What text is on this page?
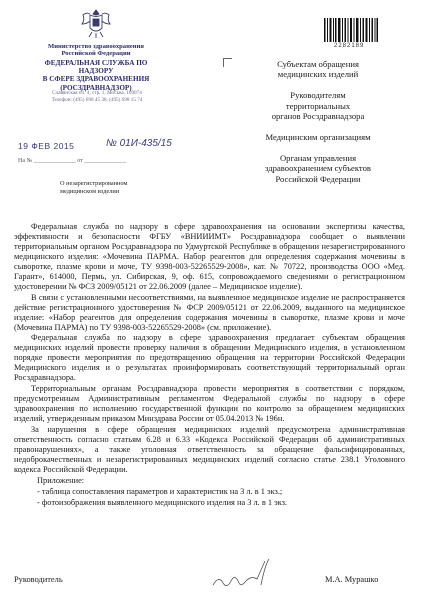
Министерство здравоохранения
Российской Федерации
ФЕДЕРАЛЬНАЯ СЛУЖБА ПО НАДЗОРУ
В СФЕРЕ ЗДРАВООХРАНЕНИЯ
(РОСЗДРАВНАДЗОР)
Славянская пл. 4, стр. 1, Москва, 109074
Телефон: (495) 698 45 38, (495) 698 15 74
19 ФЕВ 2015	№ 01И-435/15
На № ______________ от ______________
О незарегистрированном
медицинском изделии
2282189
Субъектам обращения
медицинских изделий
Руководителям
территориальных
органов Росздравнадзора
Медицинским организациям
Органам управления
здравоохранением субъектов
Российской Федерации

Федеральная служба по надзору в сфере здравоохранения на основании экспертизы качества, эффективности и безопасности ФГБУ «ВНИИИМТ» Росздравнадзора сообщает о выявлении территориальным органом Росздравнадзора по Удмуртской Республике в обращении незарегистрированного медицинского изделия: «Мочевина ПАРМА. Набор реагентов для определения содержания мочевины в сыворотке, плазме крови и моче, ТУ 9398-003-52265529-2008», кат. № 70722, производства ООО «Мед. Гарант», 614000, Пермь, ул. Сибирская, 9, оф. 615, сопровождаемого сведениями о регистрационном удостоверении № ФСЗ 2009/05121 от 22.06.2009 (далее – Медицинское изделие).

В связи с установленными несоответствиями, на выявленное медицинское изделие не распространяется действие регистрационного удостоверения № ФСР 2009/05121 от 22.06.2009, выданного на медицинское изделие: «Набор реагентов для определения содержания мочевины в сыворотке, плазме крови и моче (Мочевина ПАРМА) по ТУ 9398-003-52265529-2008» (см. приложение).

Федеральная служба по надзору в сфере здравоохранения предлагает субъектам обращения медицинских изделий провести проверку наличия в обращении Медицинского изделия, в установленном порядке провести мероприятия по предотвращению обращения на территории Российской Федерации Медицинского изделия и о результатах проинформировать соответствующий территориальный орган Росздравнадзора.

Территориальным органам Росздравнадзора провести мероприятия в соответствии с порядком, предусмотренным Административным регламентом Федеральной службы по надзору в сфере здравоохранения по исполнению государственной функции по контролю за обращением медицинских изделий, утвержденным приказом Минздрава России от 05.04.2013 № 196н.

За нарушения в сфере обращения медицинских изделий предусмотрена административная ответственность согласно статьям 6.28 и 6.33 «Кодекса Российской Федерации об административных правонарушениях», а также уголовная ответственность за обращение фальсифицированных, недоброкачественных и незарегистрированных медицинских изделий согласно статье 238.1 Уголовного кодекса Российской Федерации.

Приложение:

- таблица сопоставления параметров и характеристик на 3 л. в 1 экз.;

- фотоизображения выявленного медицинского изделия на 3 л. в 1 экз.

Руководитель	М.А. Мурашко
